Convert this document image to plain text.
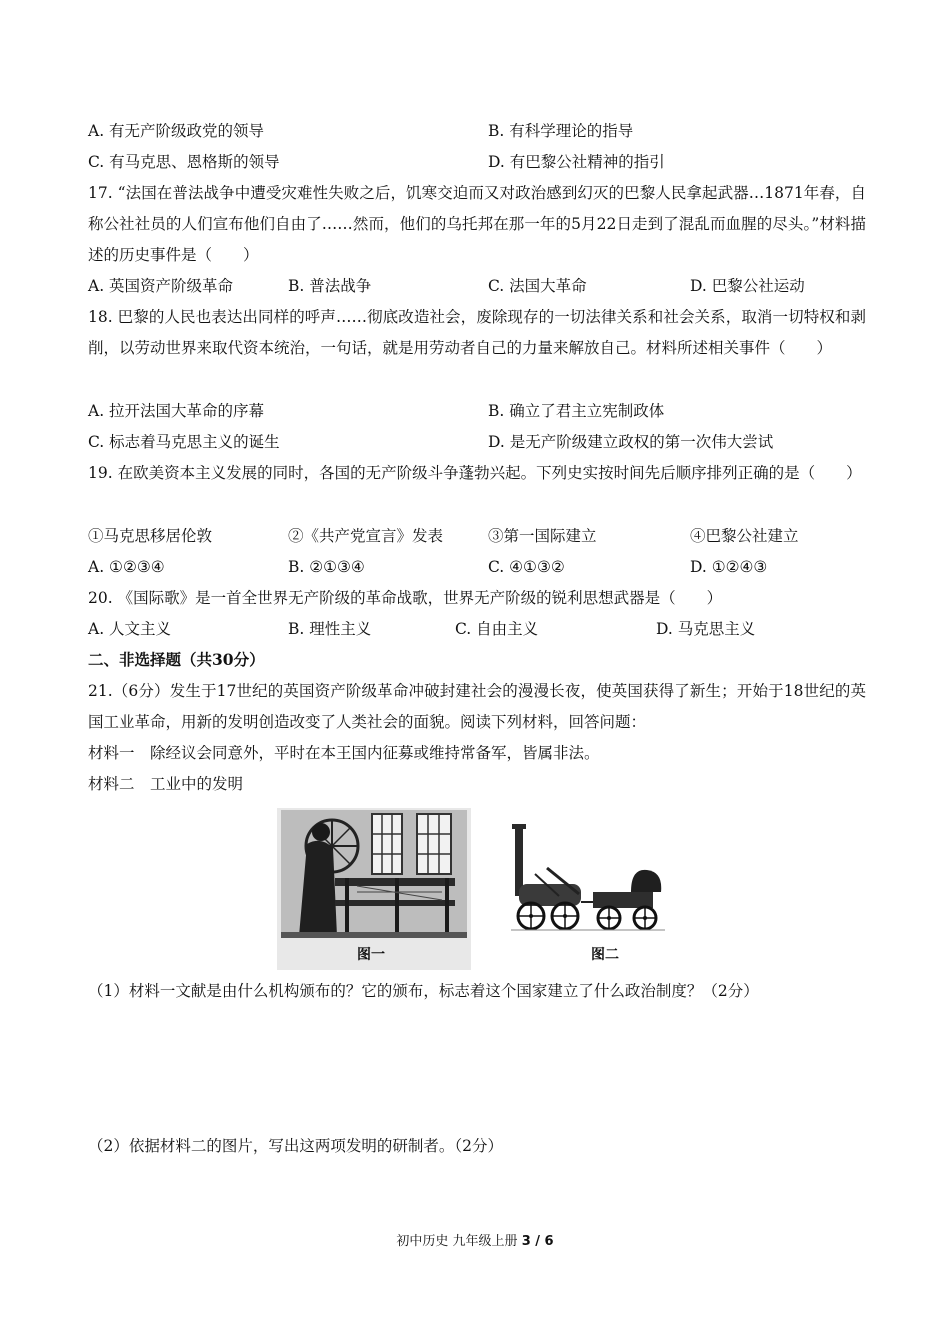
A. 有无产阶级政党的领导	B. 有科学理论的指导
C. 有马克思、恩格斯的领导	D. 有巴黎公社精神的指引
17. “法国在普法战争中遭受灾难性失败之后，饥寒交迫而又对政治感到幻灭的巴黎人民拿起武器…1871年春，自称公社社员的人们宣布他们自由了……然而，他们的乌托邦在那一年的5月22日走到了混乱而血腥的尽头。”材料描述的历史事件是（　　）
A. 英国资产阶级革命	B. 普法战争	C. 法国大革命	D. 巴黎公社运动
18. 巴黎的人民也表达出同样的呼声……彻底改造社会，废除现存的一切法律关系和社会关系，取消一切特权和剥削，以劳动世界来取代资本统治，一句话，就是用劳动者自己的力量来解放自己。材料所述相关事件（　　）
A. 拉开法国大革命的序幕	B. 确立了君主立宪制政体
C. 标志着马克思主义的诞生	D. 是无产阶级建立政权的第一次伟大尝试
19. 在欧美资本主义发展的同时，各国的无产阶级斗争蓬勃兴起。下列史实按时间先后顺序排列正确的是（　　）
①马克思移居伦敦	②《共产党宣言》发表	③第一国际建立	④巴黎公社建立
A. ①②③④	B. ②①③④	C. ④①③②	D. ①②④③
20. 《国际歌》是一首全世界无产阶级的革命战歌，世界无产阶级的锐利思想武器是（　　）
A. 人文主义	B. 理性主义	C. 自由主义	D. 马克思主义
二、非选择题（共30分）
21.（6分）发生于17世纪的英国资产阶级革命冲破封建社会的漫漫长夜，使英国获得了新生；开始于18世纪的英国工业革命，用新的发明创造改变了人类社会的面貌。阅读下列材料，回答问题：
材料一　除经议会同意外，平时在本王国内征募或维持常备军，皆属非法。
材料二　工业中的发明
图一	图二
（1）材料一文献是由什么机构颁布的？它的颁布，标志着这个国家建立了什么政治制度？（2分）
（2）依据材料二的图片，写出这两项发明的研制者。（2分）
初中历史 九年级上册 3 / 6
